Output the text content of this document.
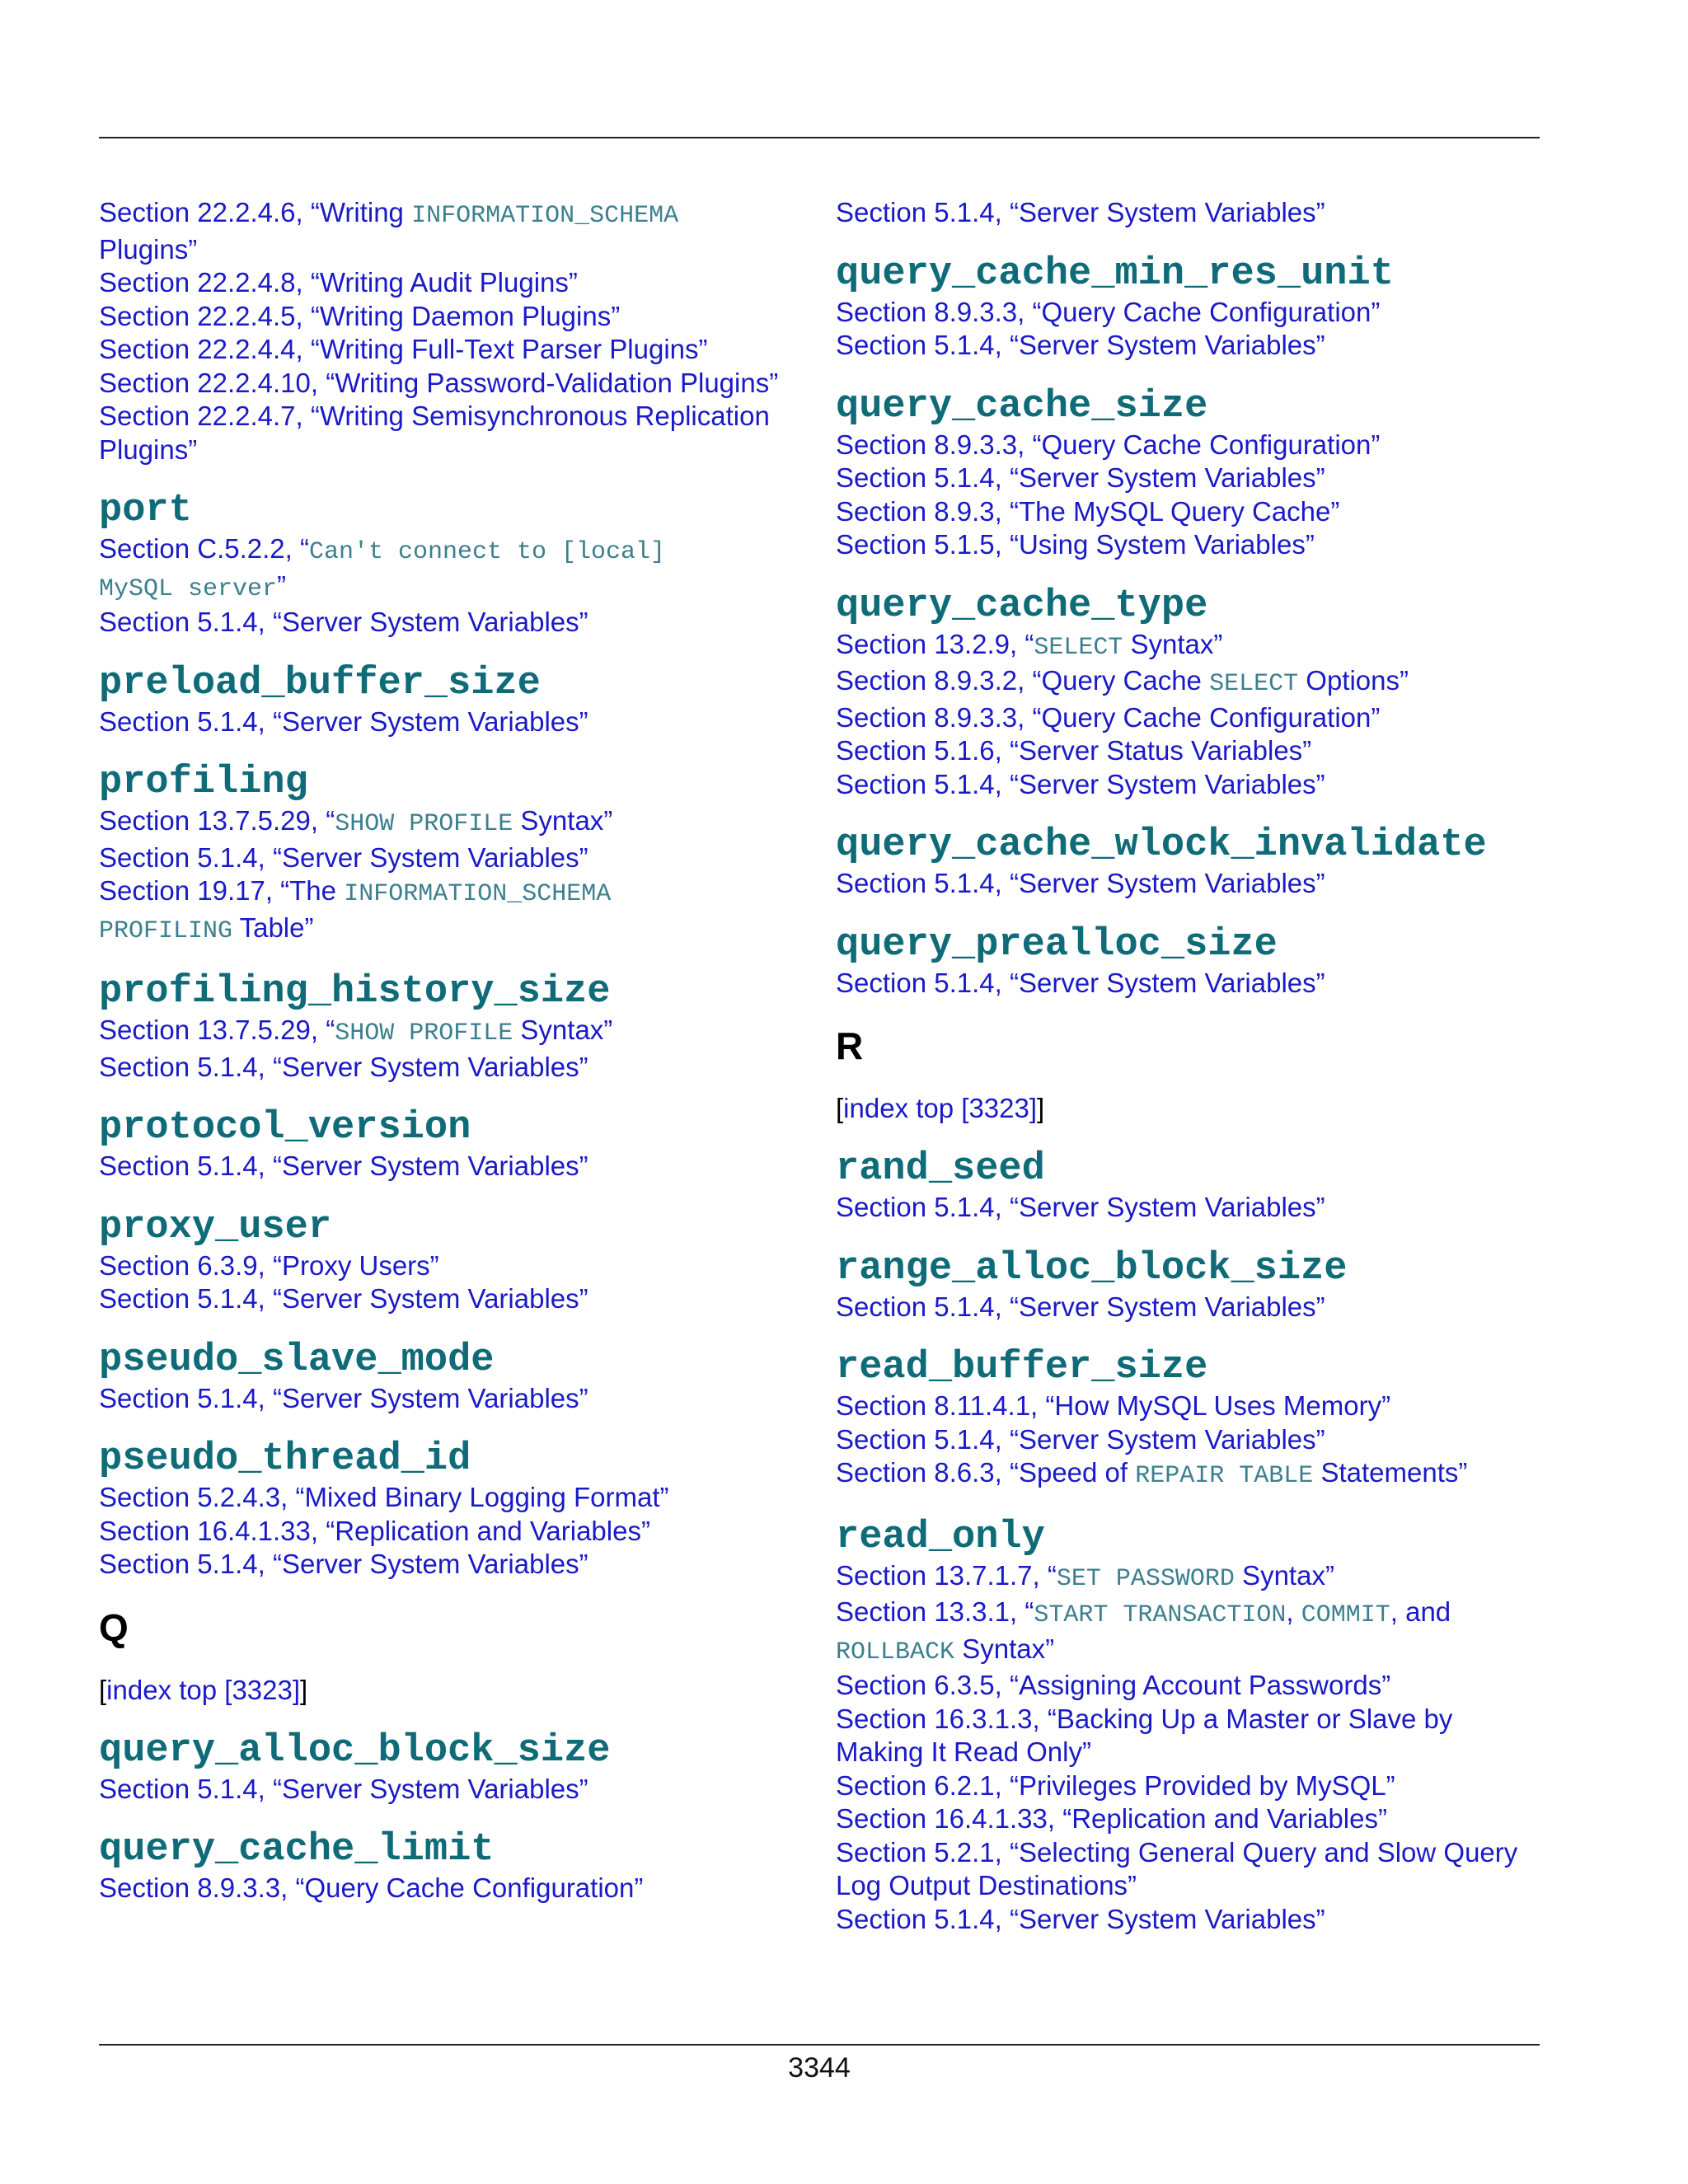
Section 22.2.4.6, “Writing INFORMATION_SCHEMA
Plugins”
Section 22.2.4.8, “Writing Audit Plugins”
Section 22.2.4.5, “Writing Daemon Plugins”
Section 22.2.4.4, “Writing Full-Text Parser Plugins”
Section 22.2.4.10, “Writing Password-Validation Plugins”
Section 22.2.4.7, “Writing Semisynchronous Replication
Plugins”
port
Section C.5.2.2, “Can't connect to [local]
MySQL server”
Section 5.1.4, “Server System Variables”
preload_buffer_size
Section 5.1.4, “Server System Variables”
profiling
Section 13.7.5.29, “SHOW PROFILE Syntax”
Section 5.1.4, “Server System Variables”
Section 19.17, “The INFORMATION_SCHEMA
PROFILING Table”
profiling_history_size
Section 13.7.5.29, “SHOW PROFILE Syntax”
Section 5.1.4, “Server System Variables”
protocol_version
Section 5.1.4, “Server System Variables”
proxy_user
Section 6.3.9, “Proxy Users”
Section 5.1.4, “Server System Variables”
pseudo_slave_mode
Section 5.1.4, “Server System Variables”
pseudo_thread_id
Section 5.2.4.3, “Mixed Binary Logging Format”
Section 16.4.1.33, “Replication and Variables”
Section 5.1.4, “Server System Variables”
Q
[index top [3323]]
query_alloc_block_size
Section 5.1.4, “Server System Variables”
query_cache_limit
Section 8.9.3.3, “Query Cache Configuration”
Section 5.1.4, “Server System Variables”
query_cache_min_res_unit
Section 8.9.3.3, “Query Cache Configuration”
Section 5.1.4, “Server System Variables”
query_cache_size
Section 8.9.3.3, “Query Cache Configuration”
Section 5.1.4, “Server System Variables”
Section 8.9.3, “The MySQL Query Cache”
Section 5.1.5, “Using System Variables”
query_cache_type
Section 13.2.9, “SELECT Syntax”
Section 8.9.3.2, “Query Cache SELECT Options”
Section 8.9.3.3, “Query Cache Configuration”
Section 5.1.6, “Server Status Variables”
Section 5.1.4, “Server System Variables”
query_cache_wlock_invalidate
Section 5.1.4, “Server System Variables”
query_prealloc_size
Section 5.1.4, “Server System Variables”
R
[index top [3323]]
rand_seed
Section 5.1.4, “Server System Variables”
range_alloc_block_size
Section 5.1.4, “Server System Variables”
read_buffer_size
Section 8.11.4.1, “How MySQL Uses Memory”
Section 5.1.4, “Server System Variables”
Section 8.6.3, “Speed of REPAIR TABLE Statements”
read_only
Section 13.7.1.7, “SET PASSWORD Syntax”
Section 13.3.1, “START TRANSACTION, COMMIT, and
ROLLBACK Syntax”
Section 6.3.5, “Assigning Account Passwords”
Section 16.3.1.3, “Backing Up a Master or Slave by
Making It Read Only”
Section 6.2.1, “Privileges Provided by MySQL”
Section 16.4.1.33, “Replication and Variables”
Section 5.2.1, “Selecting General Query and Slow Query
Log Output Destinations”
Section 5.1.4, “Server System Variables”
3344
